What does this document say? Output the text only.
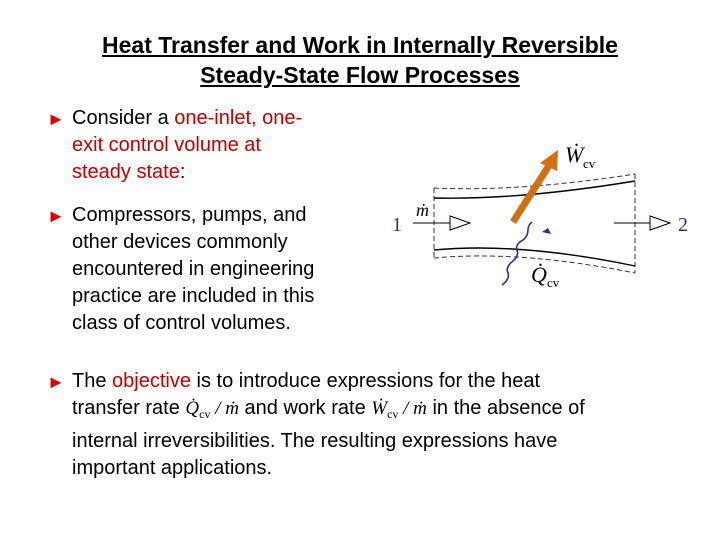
Heat Transfer and Work in Internally Reversible
Steady-State Flow Processes
► Consider a one-inlet, one-
exit control volume at
steady state:
► Compressors, pumps, and
other devices commonly
encountered in engineering
practice are included in this
class of control volumes.
► The objective is to introduce expressions for the heat
transfer rate $Q̇_{cv}$ / ṁ and work rate Ẇ$_{cv}$ / ṁ in the absence of
internal irreversibilities. The resulting expressions have
important applications.
1	2
ṁ
Ẇ cv
Q̇ cv
